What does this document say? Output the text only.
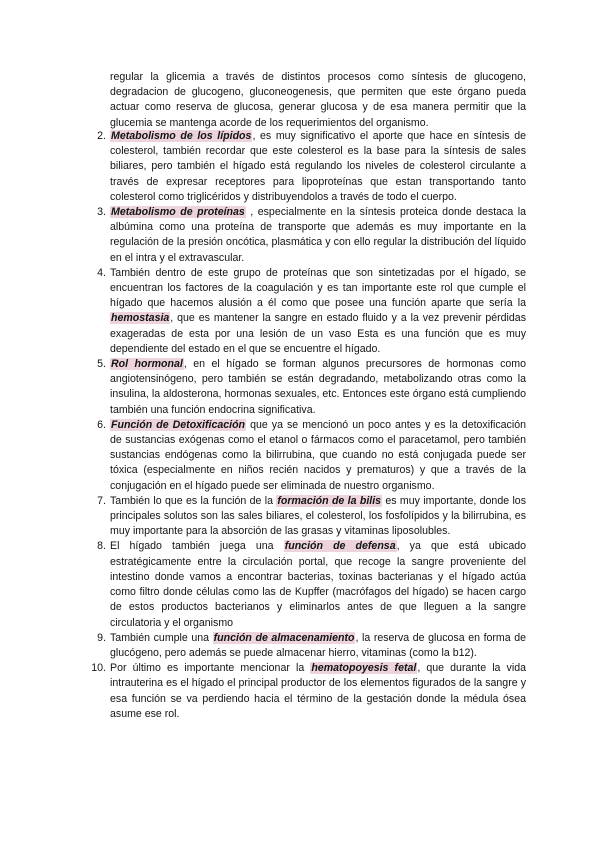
regular la glicemia a través de distintos procesos como síntesis de glucogeno, degradacion de glucogeno, gluconeogenesis, que permiten que este órgano pueda actuar como reserva de glucosa, generar glucosa y de esa manera permitir que la glucemia se mantenga acorde de los requerimientos del organismo.

2. Metabolismo de los lípidos, es muy significativo el aporte que hace en síntesis de colesterol, también recordar que este colesterol es la base para la síntesis de sales biliares, pero también el hígado está regulando los niveles de colesterol circulante a través de expresar receptores para lipoproteínas que estan transportando tanto colesterol como triglicéridos y distribuyendolos a través de todo el cuerpo.
3. Metabolismo de proteínas , especialmente en la síntesis proteica donde destaca la albúmina como una proteína de transporte que además es muy importante en la regulación de la presión oncótica, plasmática y con ello regular la distribución del líquido en el intra y el extravascular.
4. También dentro de este grupo de proteínas que son sintetizadas por el hígado, se encuentran los factores de la coagulación y es tan importante este rol que cumple el hígado que hacemos alusión a él como que posee una función aparte que sería la hemostasia, que es mantener la sangre en estado fluido y a la vez prevenir pérdidas exageradas de esta por una lesión de un vaso Esta es una función que es muy dependiente del estado en el que se encuentre el hígado.
5. Rol hormonal, en el hígado se forman algunos precursores de hormonas como angiotensinógeno, pero también se están degradando, metabolizando otras como la insulina, la aldosterona, hormonas sexuales, etc. Entonces este órgano está cumpliendo también una función endocrina significativa.
6. Función de Detoxificación que ya se mencionó un poco antes y es la detoxificación de sustancias exógenas como el etanol o fármacos como el paracetamol, pero también sustancias endógenas como la bilirrubina, que cuando no está conjugada puede ser tóxica (especialmente en niños recién nacidos y prematuros) y que a través de la conjugación en el hígado puede ser eliminada de nuestro organismo.
7. También lo que es la función de la formación de la bilis es muy importante, donde los principales solutos son las sales biliares, el colesterol, los fosfolípidos y la bilirrubina, es muy importante para la absorción de las grasas y vitaminas liposolubles.
8. El hígado también juega una función de defensa, ya que está ubicado estratégicamente entre la circulación portal, que recoge la sangre proveniente del intestino donde vamos a encontrar bacterias, toxinas bacterianas y el hígado actúa como filtro donde células como las de Kupffer (macrófagos del hígado) se hacen cargo de estos productos bacterianos y eliminarlos antes de que lleguen a la sangre circulatoria y el organismo
9. También cumple una función de almacenamiento, la reserva de glucosa en forma de glucógeno, pero además se puede almacenar hierro, vitaminas (como la b12).
10. Por último es importante mencionar la hematopoyesis fetal, que durante la vida intrauterina es el hígado el principal productor de los elementos figurados de la sangre y esa función se va perdiendo hacia el término de la gestación donde la médula ósea asume ese rol.
